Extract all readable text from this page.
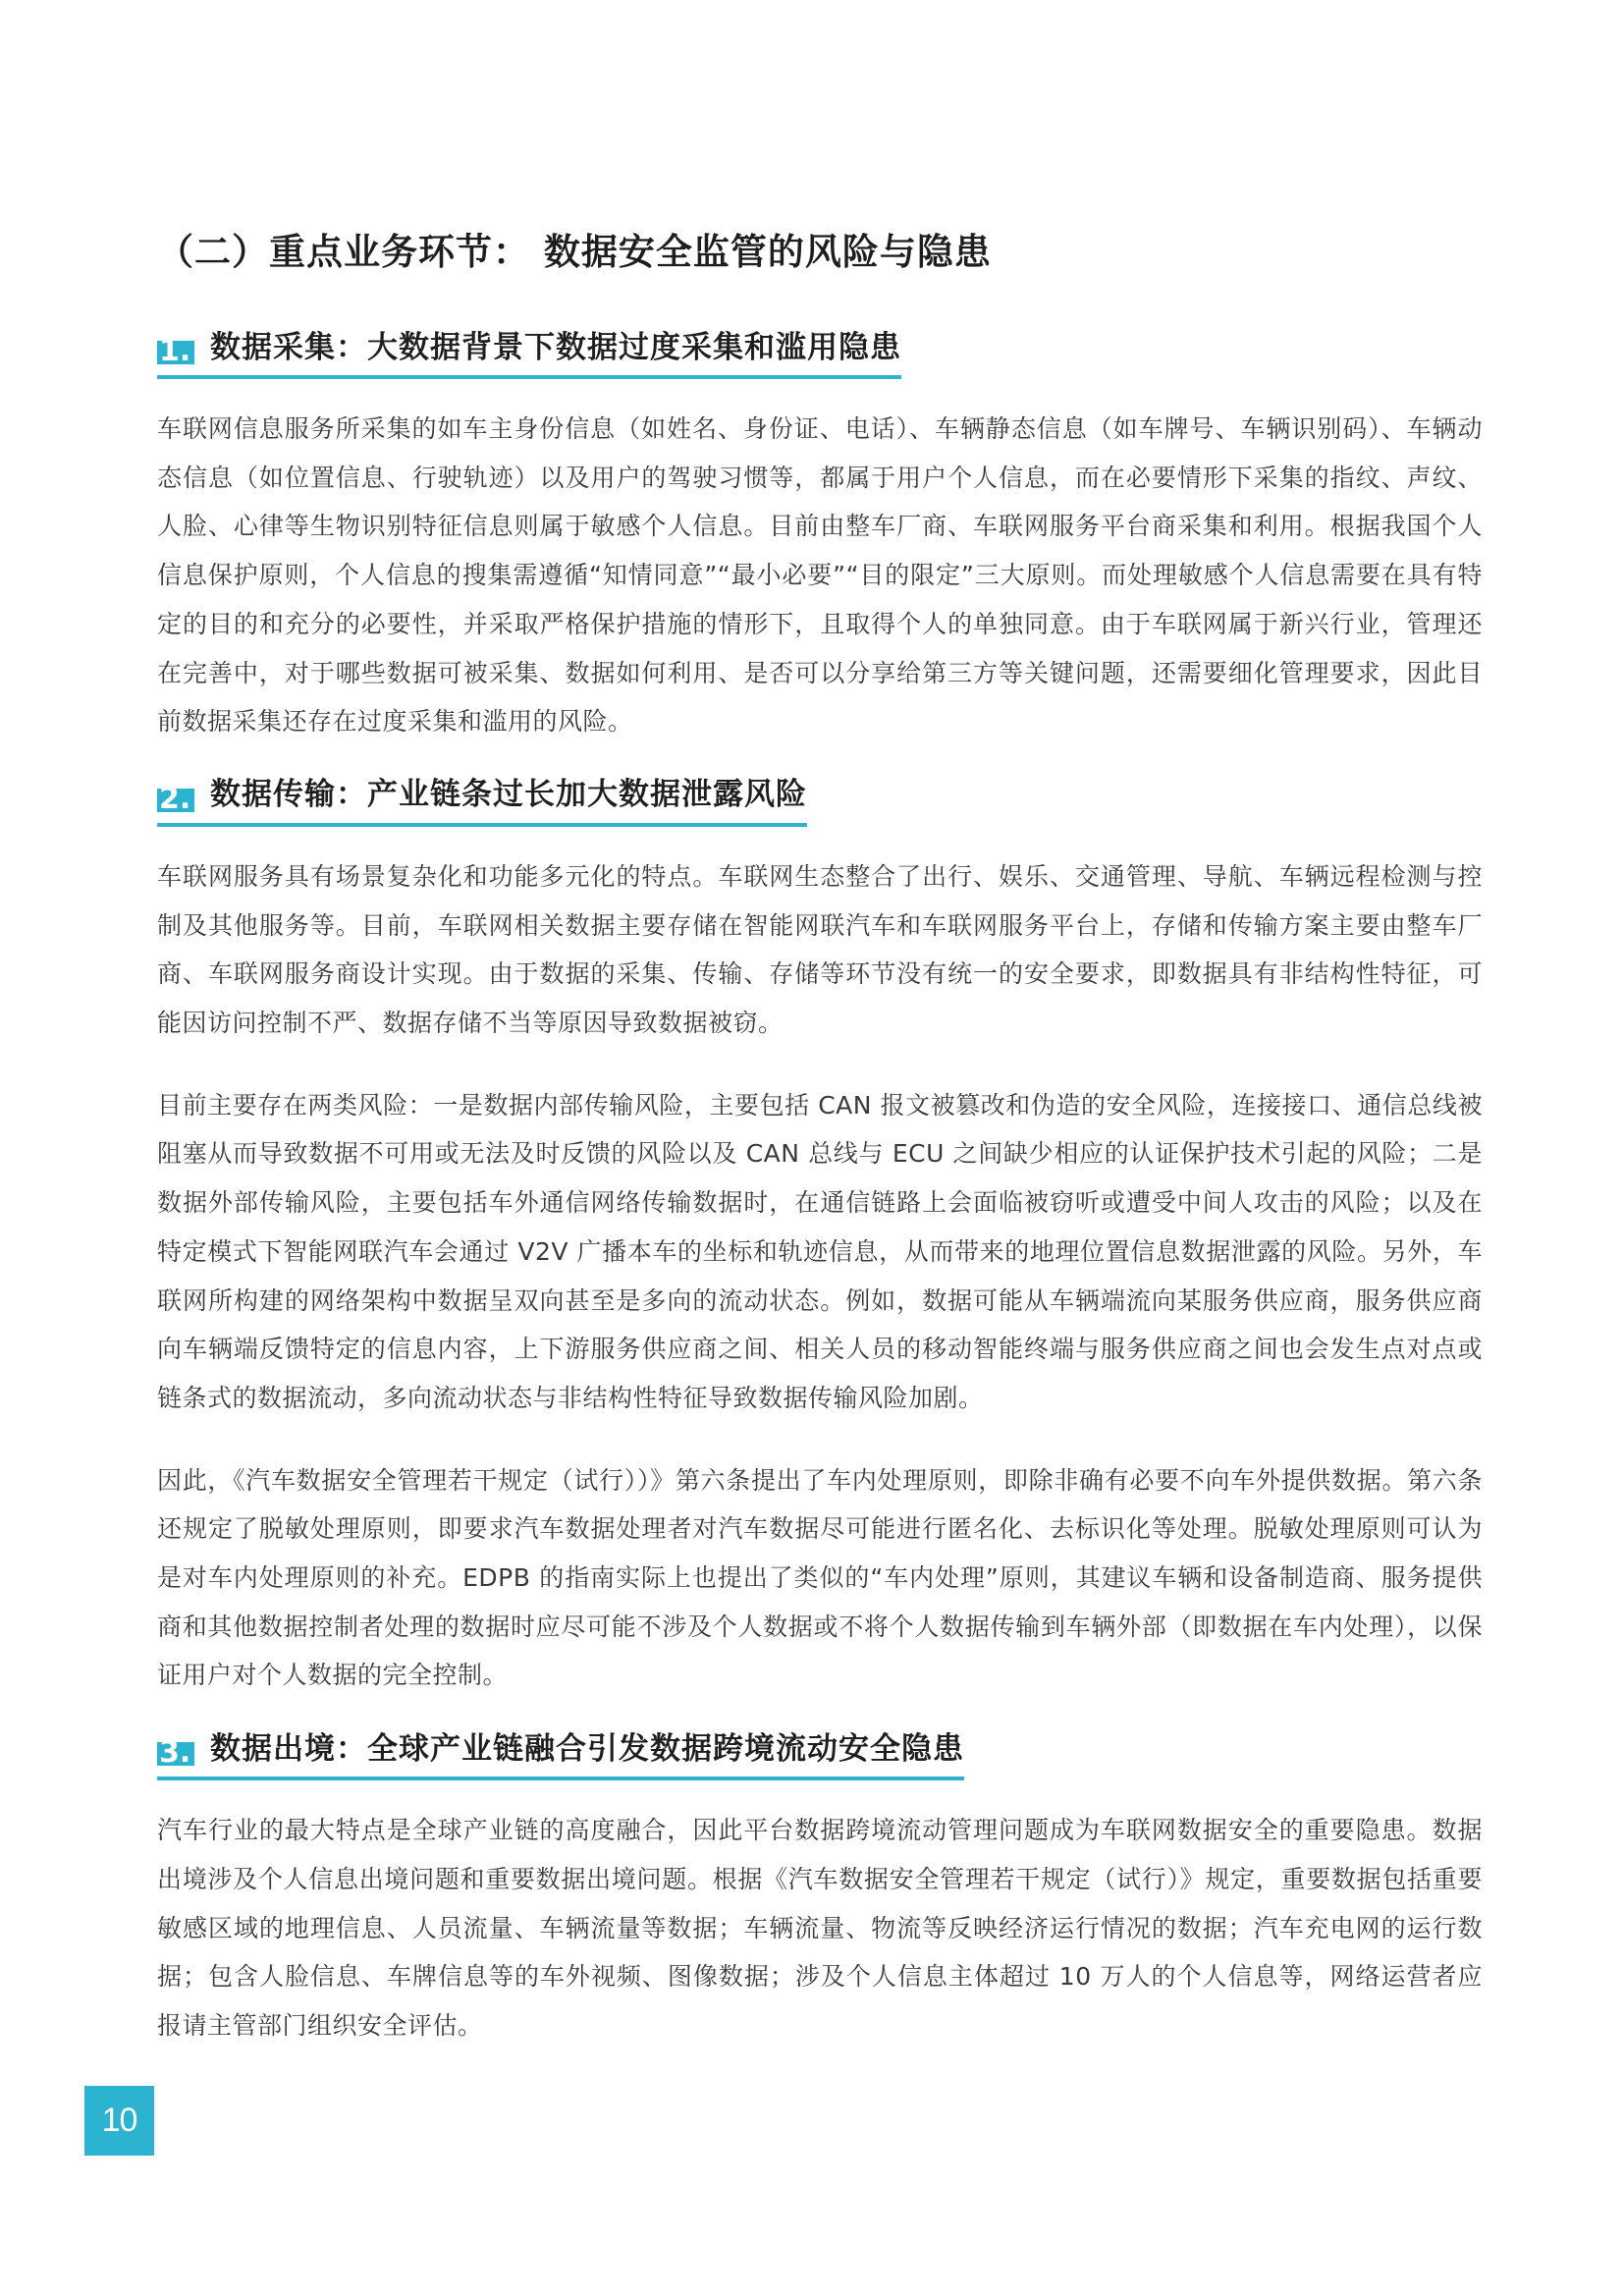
（二）重点业务环节： 数据安全监管的风险与隐患
1. 数据采集：大数据背景下数据过度采集和滥用隐患

车联网信息服务所采集的如车主身份信息（如姓名、身份证、电话）、车辆静态信息（如车牌号、车辆识别码）、车辆动态信息（如位置信息、行驶轨迹）以及用户的驾驶习惯等，都属于用户个人信息，而在必要情形下采集的指纹、声纹、人脸、心律等生物识别特征信息则属于敏感个人信息。目前由整车厂商、车联网服务平台商采集和利用。根据我国个人信息保护原则，个人信息的搜集需遵循“知情同意”“最小必要”“目的限定”三大原则。而处理敏感个人信息需要在具有特定的目的和充分的必要性，并采取严格保护措施的情形下，且取得个人的单独同意。由于车联网属于新兴行业，管理还在完善中，对于哪些数据可被采集、数据如何利用、是否可以分享给第三方等关键问题，还需要细化管理要求，因此目前数据采集还存在过度采集和滥用的风险。

2. 数据传输：产业链条过长加大数据泄露风险

车联网服务具有场景复杂化和功能多元化的特点。车联网生态整合了出行、娱乐、交通管理、导航、车辆远程检测与控制及其他服务等。目前，车联网相关数据主要存储在智能网联汽车和车联网服务平台上，存储和传输方案主要由整车厂商、车联网服务商设计实现。由于数据的采集、传输、存储等环节没有统一的安全要求，即数据具有非结构性特征，可能因访问控制不严、数据存储不当等原因导致数据被窃。

目前主要存在两类风险：一是数据内部传输风险，主要包括 CAN 报文被篡改和伪造的安全风险，连接接口、通信总线被阻塞从而导致数据不可用或无法及时反馈的风险以及 CAN 总线与 ECU 之间缺少相应的认证保护技术引起的风险；二是数据外部传输风险，主要包括车外通信网络传输数据时，在通信链路上会面临被窃听或遭受中间人攻击的风险；以及在特定模式下智能网联汽车会通过 V2V 广播本车的坐标和轨迹信息，从而带来的地理位置信息数据泄露的风险。另外，车联网所构建的网络架构中数据呈双向甚至是多向的流动状态。例如，数据可能从车辆端流向某服务供应商，服务供应商向车辆端反馈特定的信息内容，上下游服务供应商之间、相关人员的移动智能终端与服务供应商之间也会发生点对点或链条式的数据流动，多向流动状态与非结构性特征导致数据传输风险加剧。

因此，《汽车数据安全管理若干规定（试行））》第六条提出了车内处理原则，即除非确有必要不向车外提供数据。第六条还规定了脱敏处理原则，即要求汽车数据处理者对汽车数据尽可能进行匿名化、去标识化等处理。脱敏处理原则可认为是对车内处理原则的补充。EDPB 的指南实际上也提出了类似的“车内处理”原则，其建议车辆和设备制造商、服务提供商和其他数据控制者处理的数据时应尽可能不涉及个人数据或不将个人数据传输到车辆外部（即数据在车内处理），以保证用户对个人数据的完全控制。

3. 数据出境：全球产业链融合引发数据跨境流动安全隐患

汽车行业的最大特点是全球产业链的高度融合，因此平台数据跨境流动管理问题成为车联网数据安全的重要隐患。数据出境涉及个人信息出境问题和重要数据出境问题。根据《汽车数据安全管理若干规定（试行）》规定，重要数据包括重要敏感区域的地理信息、人员流量、车辆流量等数据；车辆流量、物流等反映经济运行情况的数据；汽车充电网的运行数据；包含人脸信息、车牌信息等的车外视频、图像数据；涉及个人信息主体超过 10 万人的个人信息等，网络运营者应报请主管部门组织安全评估。

10
